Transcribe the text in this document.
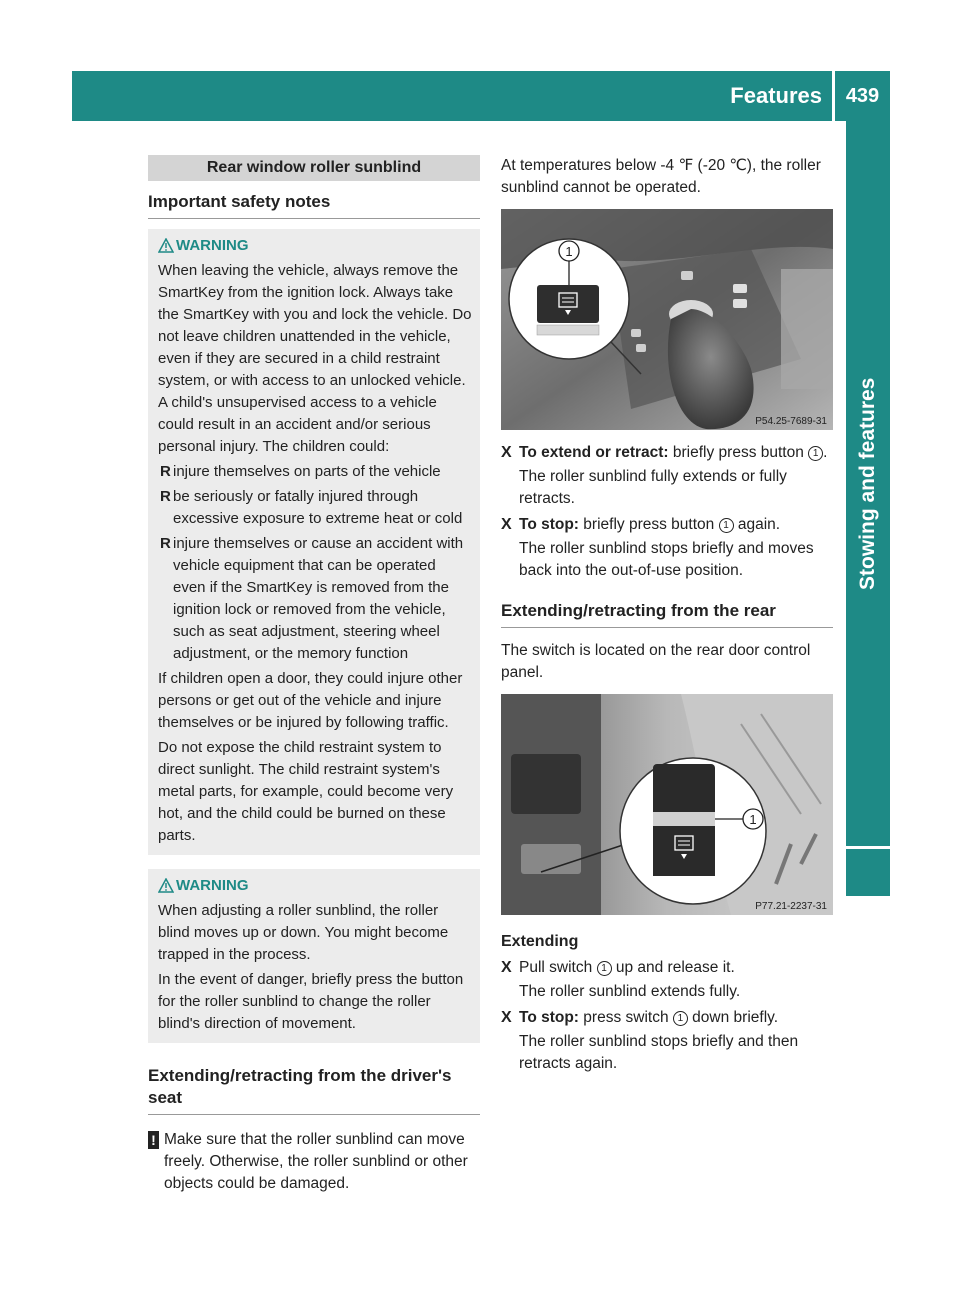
Features	439
Stowing and features
Rear window roller sunblind
Important safety notes
WARNING

When leaving the vehicle, always remove the SmartKey from the ignition lock. Always take the SmartKey with you and lock the vehicle. Do not leave children unattended in the vehicle, even if they are secured in a child restraint system, or with access to an unlocked vehicle. A child's unsupervised access to a vehicle could result in an accident and/or serious personal injury. The children could:

R injure themselves on parts of the vehicle
R be seriously or fatally injured through excessive exposure to extreme heat or cold
R injure themselves or cause an accident with vehicle equipment that can be operated even if the SmartKey is removed from the ignition lock or removed from the vehicle, such as seat adjustment, steering wheel adjustment, or the memory function

If children open a door, they could injure other persons or get out of the vehicle and injure themselves or be injured by following traffic.

Do not expose the child restraint system to direct sunlight. The child restraint system's metal parts, for example, could become very hot, and the child could be burned on these parts.

WARNING

When adjusting a roller sunblind, the roller blind moves up or down. You might become trapped in the process.

In the event of danger, briefly press the button for the roller sunblind to change the roller blind's direction of movement.

Extending/retracting from the driver's seat
! Make sure that the roller sunblind can move freely. Otherwise, the roller sunblind or other objects could be damaged.
At temperatures below -4 ℉ (-20 ℃), the roller sunblind cannot be operated.
1
P54.25-7689-31
X To extend or retract: briefly press button 1 .
The roller sunblind fully extends or fully retracts.
X To stop: briefly press button 1 again.
The roller sunblind stops briefly and moves back into the out-of-use position.
Extending/retracting from the rear
The switch is located on the rear door control panel.
1
P77.21-2237-31
Extending
X Pull switch 1 up and release it.
The roller sunblind extends fully.
X To stop: press switch 1 down briefly.
The roller sunblind stops briefly and then retracts again.
